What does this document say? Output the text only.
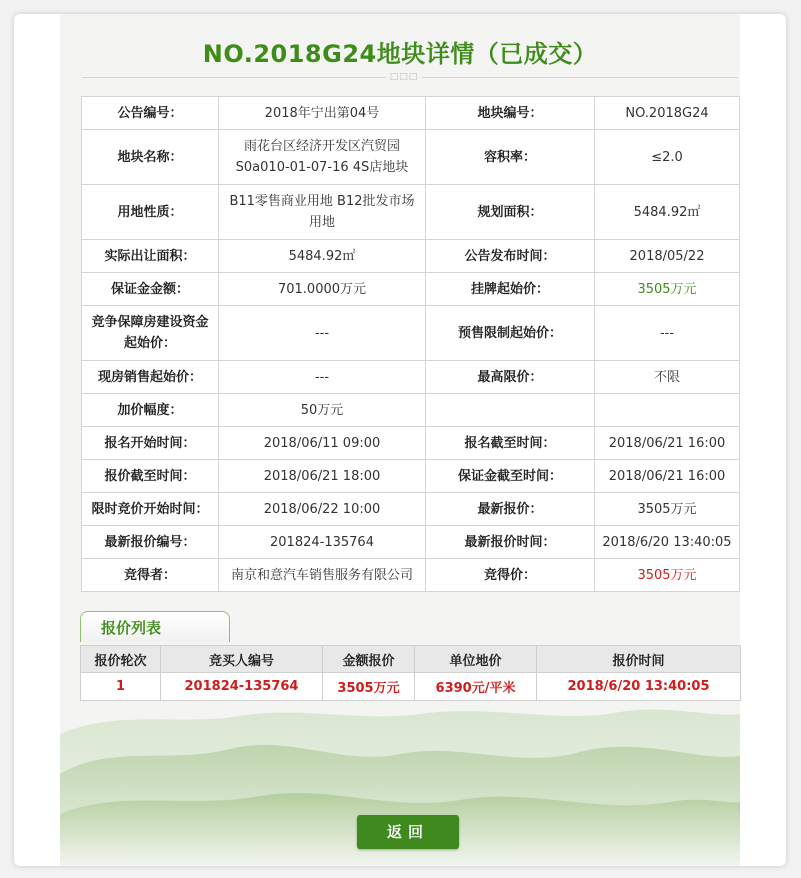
NO.2018G24地块详情（已成交）
□□□
公告编号：	2018年宁出第04号	地块编号：	NO.2018G24
地块名称：	雨花台区经济开发区汽贸园S0a010-01-07-16 4S店地块	容积率：	≤2.0
用地性质：	B11零售商业用地 B12批发市场用地	规划面积：	5484.92㎡
实际出让面积：	5484.92㎡	公告发布时间：	2018/05/22
保证金金额：	701.0000万元	挂牌起始价：	3505万元
竞争保障房建设资金起始价：	---	预售限制起始价：	---
现房销售起始价：	---	最高限价：	不限
加价幅度：	50万元		
报名开始时间：	2018/06/11 09:00	报名截至时间：	2018/06/21 16:00
报价截至时间：	2018/06/21 18:00	保证金截至时间：	2018/06/21 16:00
限时竞价开始时间：	2018/06/22 10:00	最新报价：	3505万元
最新报价编号：	201824-135764	最新报价时间：	2018/6/20 13:40:05
竞得者：	南京和意汽车销售服务有限公司	竞得价：	3505万元
报价列表
报价轮次	竞买人编号	金额报价	单位地价	报价时间
1	201824-135764	3505万元	6390元/平米	2018/6/20 13:40:05
返回
